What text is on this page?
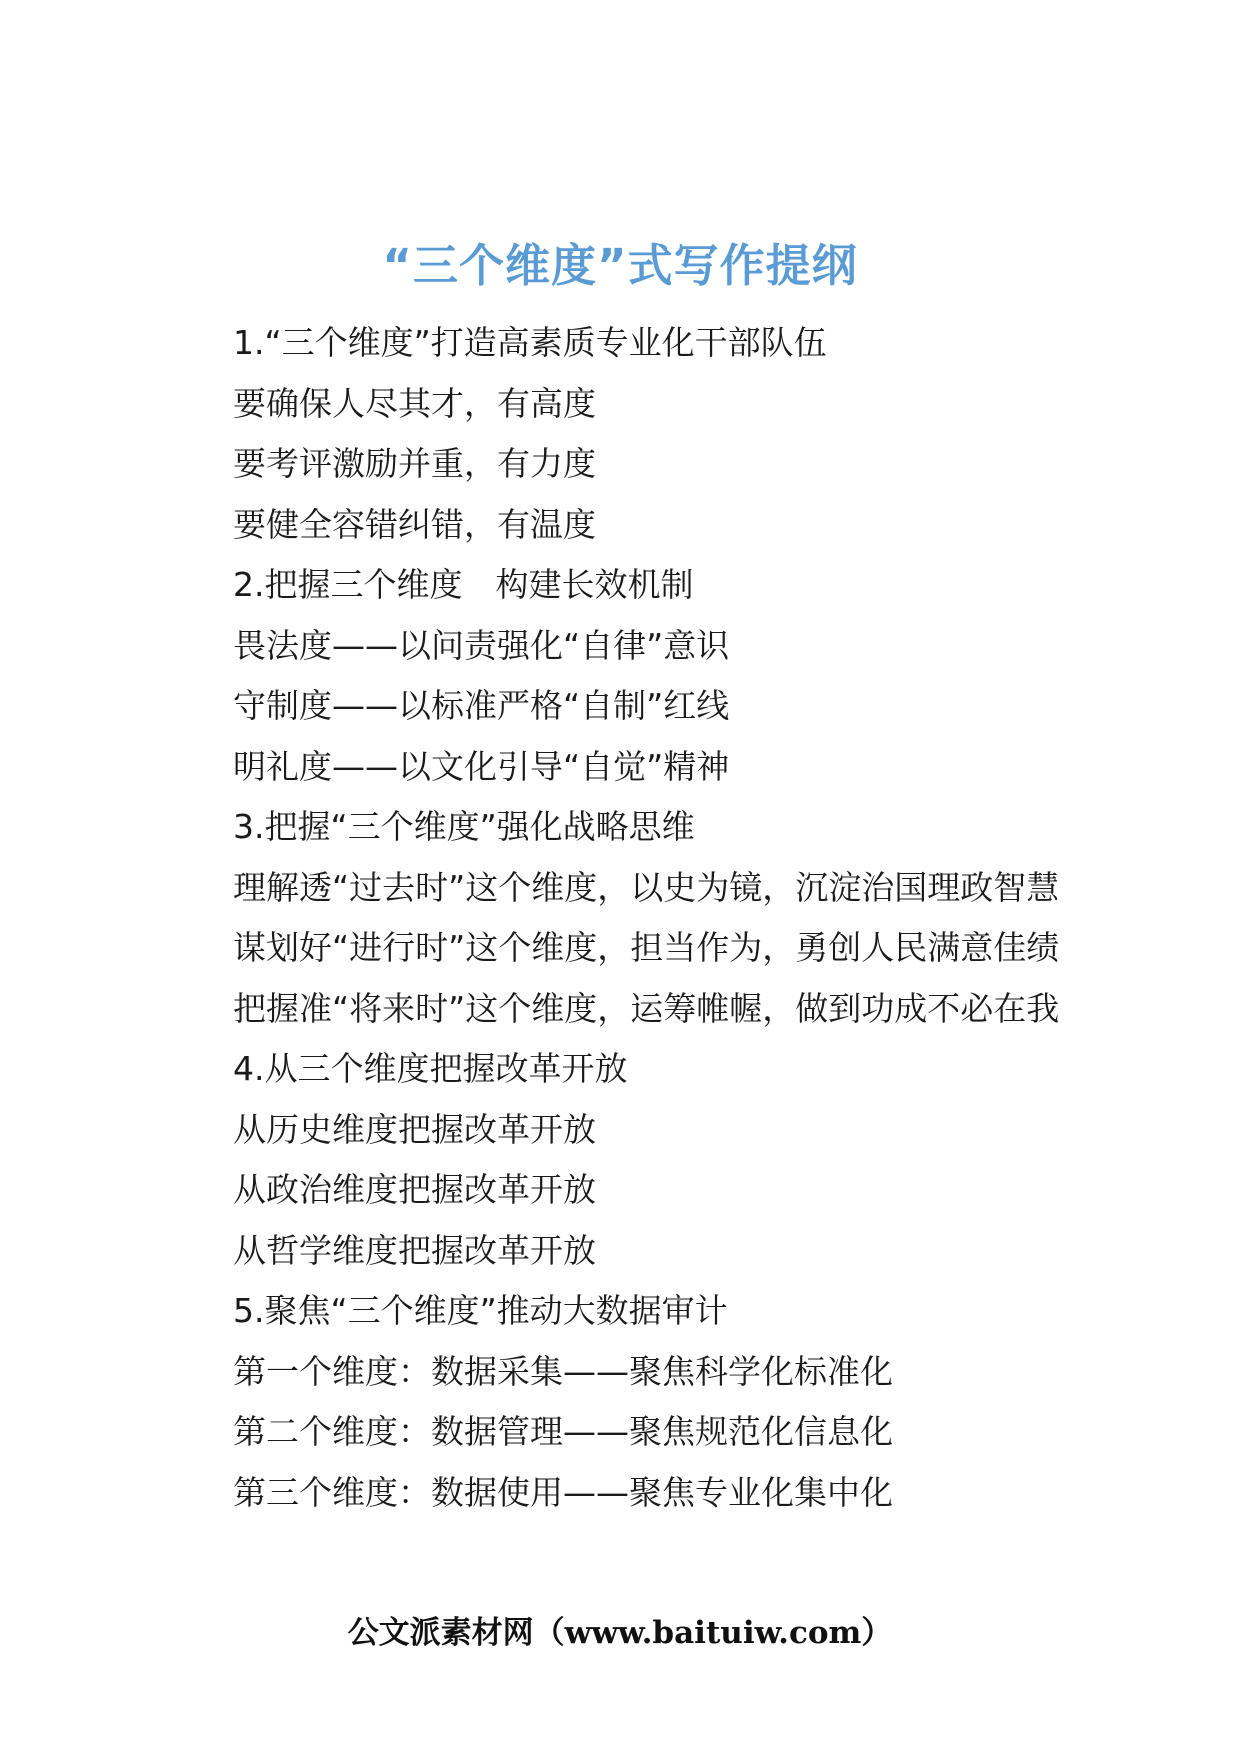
“三个维度”式写作提纲
1.“三个维度”打造高素质专业化干部队伍
要确保人尽其才，有高度
要考评激励并重，有力度
要健全容错纠错，有温度
2.把握三个维度　构建长效机制
畏法度——以问责强化“自律”意识
守制度——以标准严格“自制”红线
明礼度——以文化引导“自觉”精神
3.把握“三个维度”强化战略思维
理解透“过去时”这个维度，以史为镜，沉淀治国理政智慧
谋划好“进行时”这个维度，担当作为，勇创人民满意佳绩
把握准“将来时”这个维度，运筹帷幄，做到功成不必在我
4.从三个维度把握改革开放
从历史维度把握改革开放
从政治维度把握改革开放
从哲学维度把握改革开放
5.聚焦“三个维度”推动大数据审计
第一个维度：数据采集——聚焦科学化标准化
第二个维度：数据管理——聚焦规范化信息化
第三个维度：数据使用——聚焦专业化集中化
公文派素材网（www.baituiw.com）
